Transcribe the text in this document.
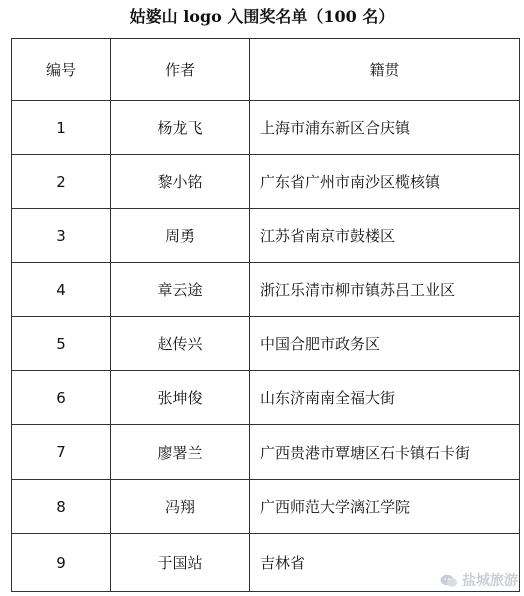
姑婆山 logo 入围奖名单（100 名）
编号	作者	籍贯
1	杨龙飞	上海市浦东新区合庆镇
2	黎小铭	广东省广州市南沙区榄核镇
3	周勇	江苏省南京市鼓楼区
4	章云途	浙江乐清市柳市镇苏吕工业区
5	赵传兴	中国合肥市政务区
6	张坤俊	山东济南南全福大街
7	廖署兰	广西贵港市覃塘区石卡镇石卡街
8	冯翔	广西师范大学漓江学院
9	于国站	吉林省
盐城旅游
